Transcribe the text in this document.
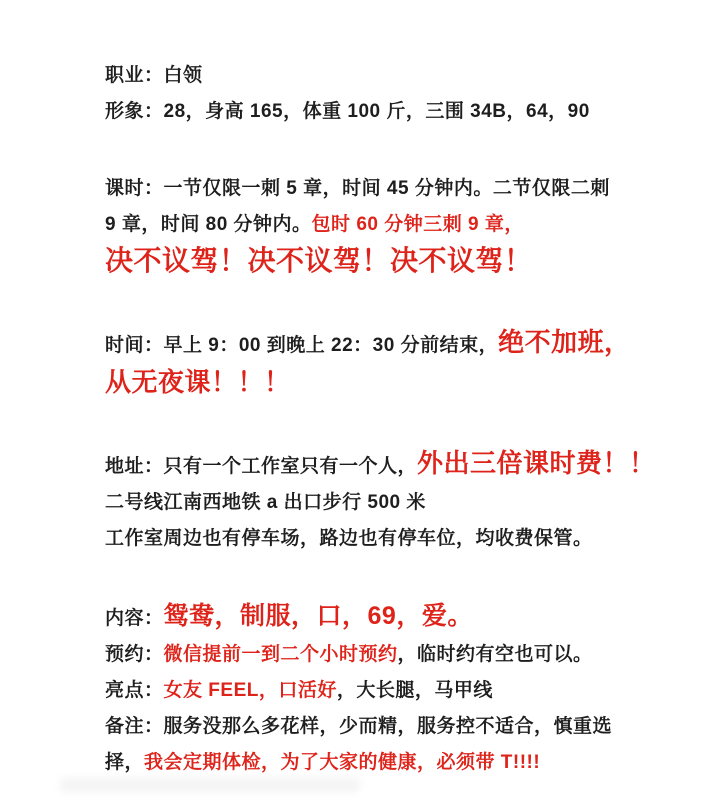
职业：白领

形象：28，身高 165，体重 100 斤，三围 34B，64，90

课时：一节仅限一刺 5 章，时间 45 分钟内。二节仅限二刺

9 章，时间 80 分钟内。包时 60 分钟三刺 9 章，

决不议驾！决不议驾！决不议驾！

时间：早上 9：00 到晚上 22：30 分前结束，绝不加班，

从无夜课！！！

地址：只有一个工作室只有一个人，外出三倍课时费！！

二号线江南西地铁 a 出口步行 500 米

工作室周边也有停车场，路边也有停车位，均收费保管。

内容：鸳鸯，制服，口，69，爱。

预约：微信提前一到二个小时预约，临时约有空也可以。

亮点：女友 FEEL，口活好，大长腿，马甲线

备注：服务没那么多花样，少而精，服务控不适合，慎重选

择，我会定期体检，为了大家的健康，必须带 T!!!!
